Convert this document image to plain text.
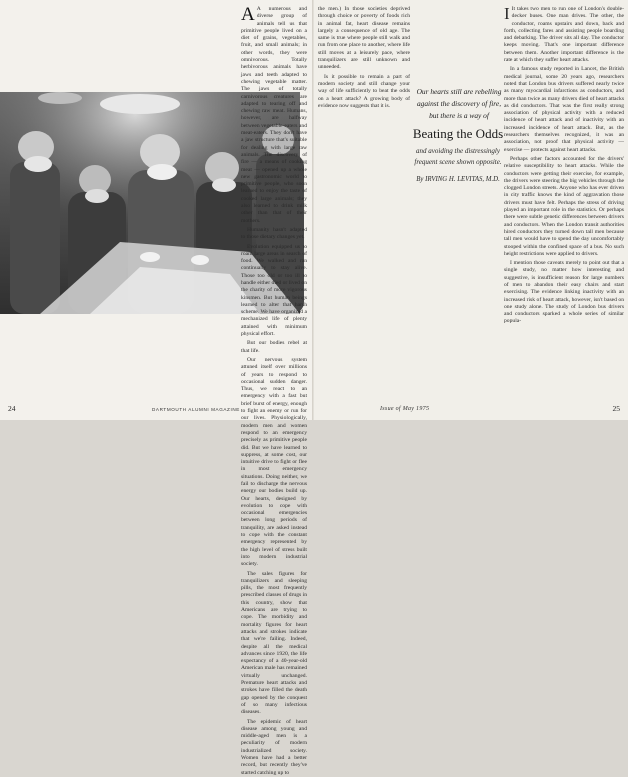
A A numerous and diverse group of animals tell us that primitive people lived on a diet of grains, vegetables, fruit, and small animals; in other words, they were omnivorous. Totally herbivorous animals have jaws and teeth adapted to chewing vegetable matter. The jaws of totally carnivorous creatures are adapted to tearing off and chewing raw meat. Humans, however, are halfway between vegetable-eaters and meat-eaters. They don't have a jaw structure that's suitable for dealing with large raw animals. The discovery of fire — a means of cooking meat — opened up a whole new gastronomic world to primitive people, who soon learned to enjoy the taste of cooked large animals; they also learned to drink milk other than that of their mothers.

Humanity hasn't adapted to those dietary changes yet.

Evolution equipped us to roam large areas in search of food. We walked and ran continually to stay alive. Those too old or too ill to handle either died or lived on the charity of more vigorous kinsmen. But human beings learned to alter that harsh scheme. We have organized a mechanized life of plenty attained with minimum physical effort.

But our bodies rebel at that life.

Our nervous system attuned itself over millions of years to respond to occasional sudden danger. Thus, we react to an emergency with a fast but brief burst of energy, enough to fight an enemy or run for our lives. Physiologically, modern men and women respond to an emergency precisely as primitive people did. But we have learned to suppress, at some cost, our intuitive drive to fight or flee in most emergency situations. Doing neither, we fail to discharge the nervous energy our bodies build up. Our hearts, designed by evolution to cope with occasional emergencies between long periods of tranquility, are asked instead to cope with the constant emergency represented by the high level of stress built into modern industrial society.

The sales figures for tranquilizers and sleeping pills, the most frequently prescribed classes of drugs in this country, show that Americans are trying to cope. The morbidity and mortality figures for heart attacks and strokes indicate that we're failing. Indeed, despite all the medical advances since 1920, the life expectancy of a 40-year-old American male has remained virtually unchanged. Premature heart attacks and strokes have filled the death gap opened by the conquest of so many infectious diseases.

The epidemic of heart disease among young and middle-aged men is a peculiarity of modern industrialized society. Women have had a better record, but recently they've started catching up to

24	DARTMOUTH ALUMNI MAGAZINE

the men.) In those societies deprived through choice or poverty of foods rich in animal fat, heart disease remains largely a consequence of old age. The same is true where people still walk and run from one place to another, where life still moves at a leisurely pace, where tranquilizers are still unknown and unneeded.

Is it possible to remain a part of modern society and still change your way of life sufficiently to beat the odds on a heart attack? A growing body of evidence now suggests that it is.

Our hearts still are rebelling
against the discovery of fire,
but there is a way of
Beating the Odds
and avoiding the distressingly
frequent scene shown opposite.
By IRVING H. LEVITAS, M.D.

I It takes two men to run one of London's double-decker buses. One man drives. The other, the conductor, roams upstairs and down, back and forth, collecting fares and assisting people boarding and debarking. The driver sits all day. The conductor keeps moving. That's one important difference between them. Another important difference is the rate at which they suffer heart attacks.

In a famous study reported in Lancet, the British medical journal, some 20 years ago, researchers noted that London bus drivers suffered nearly twice as many myocardial infarctions as conductors, and more than twice as many drivers died of heart attacks as did conductors. That was the first really strong association of physical activity with a reduced incidence of heart attack and of inactivity with an increased incidence of heart attack. But, as the researchers themselves recognized, it was an association, not proof that physical activity — exercise — protects against heart attacks.

Perhaps other factors accounted for the drivers' relative susceptibility to heart attacks. While the conductors were getting their exercise, for example, the drivers were steering the big vehicles through the clogged London streets. Anyone who has ever driven in city traffic knows the kind of aggravation those drivers must have felt. Perhaps the stress of driving played an important role in the statistics. Or perhaps there were subtle genetic differences between drivers and conductors. When the London transit authorities hired conductors they turned down tall men because tall men would have to spend the day uncomfortably stooped within the confined space of a bus. No such height restrictions were applied to drivers.

I mention those caveats merely to point out that a single study, no matter how interesting and suggestive, is insufficient reason for large numbers of men to abandon their easy chairs and start exercising. The evidence linking inactivity with an increased risk of heart attack, however, isn't based on one study alone. The study of London bus drivers and conductors sparked a whole series of similar popula-

Issue of May 1975	25
